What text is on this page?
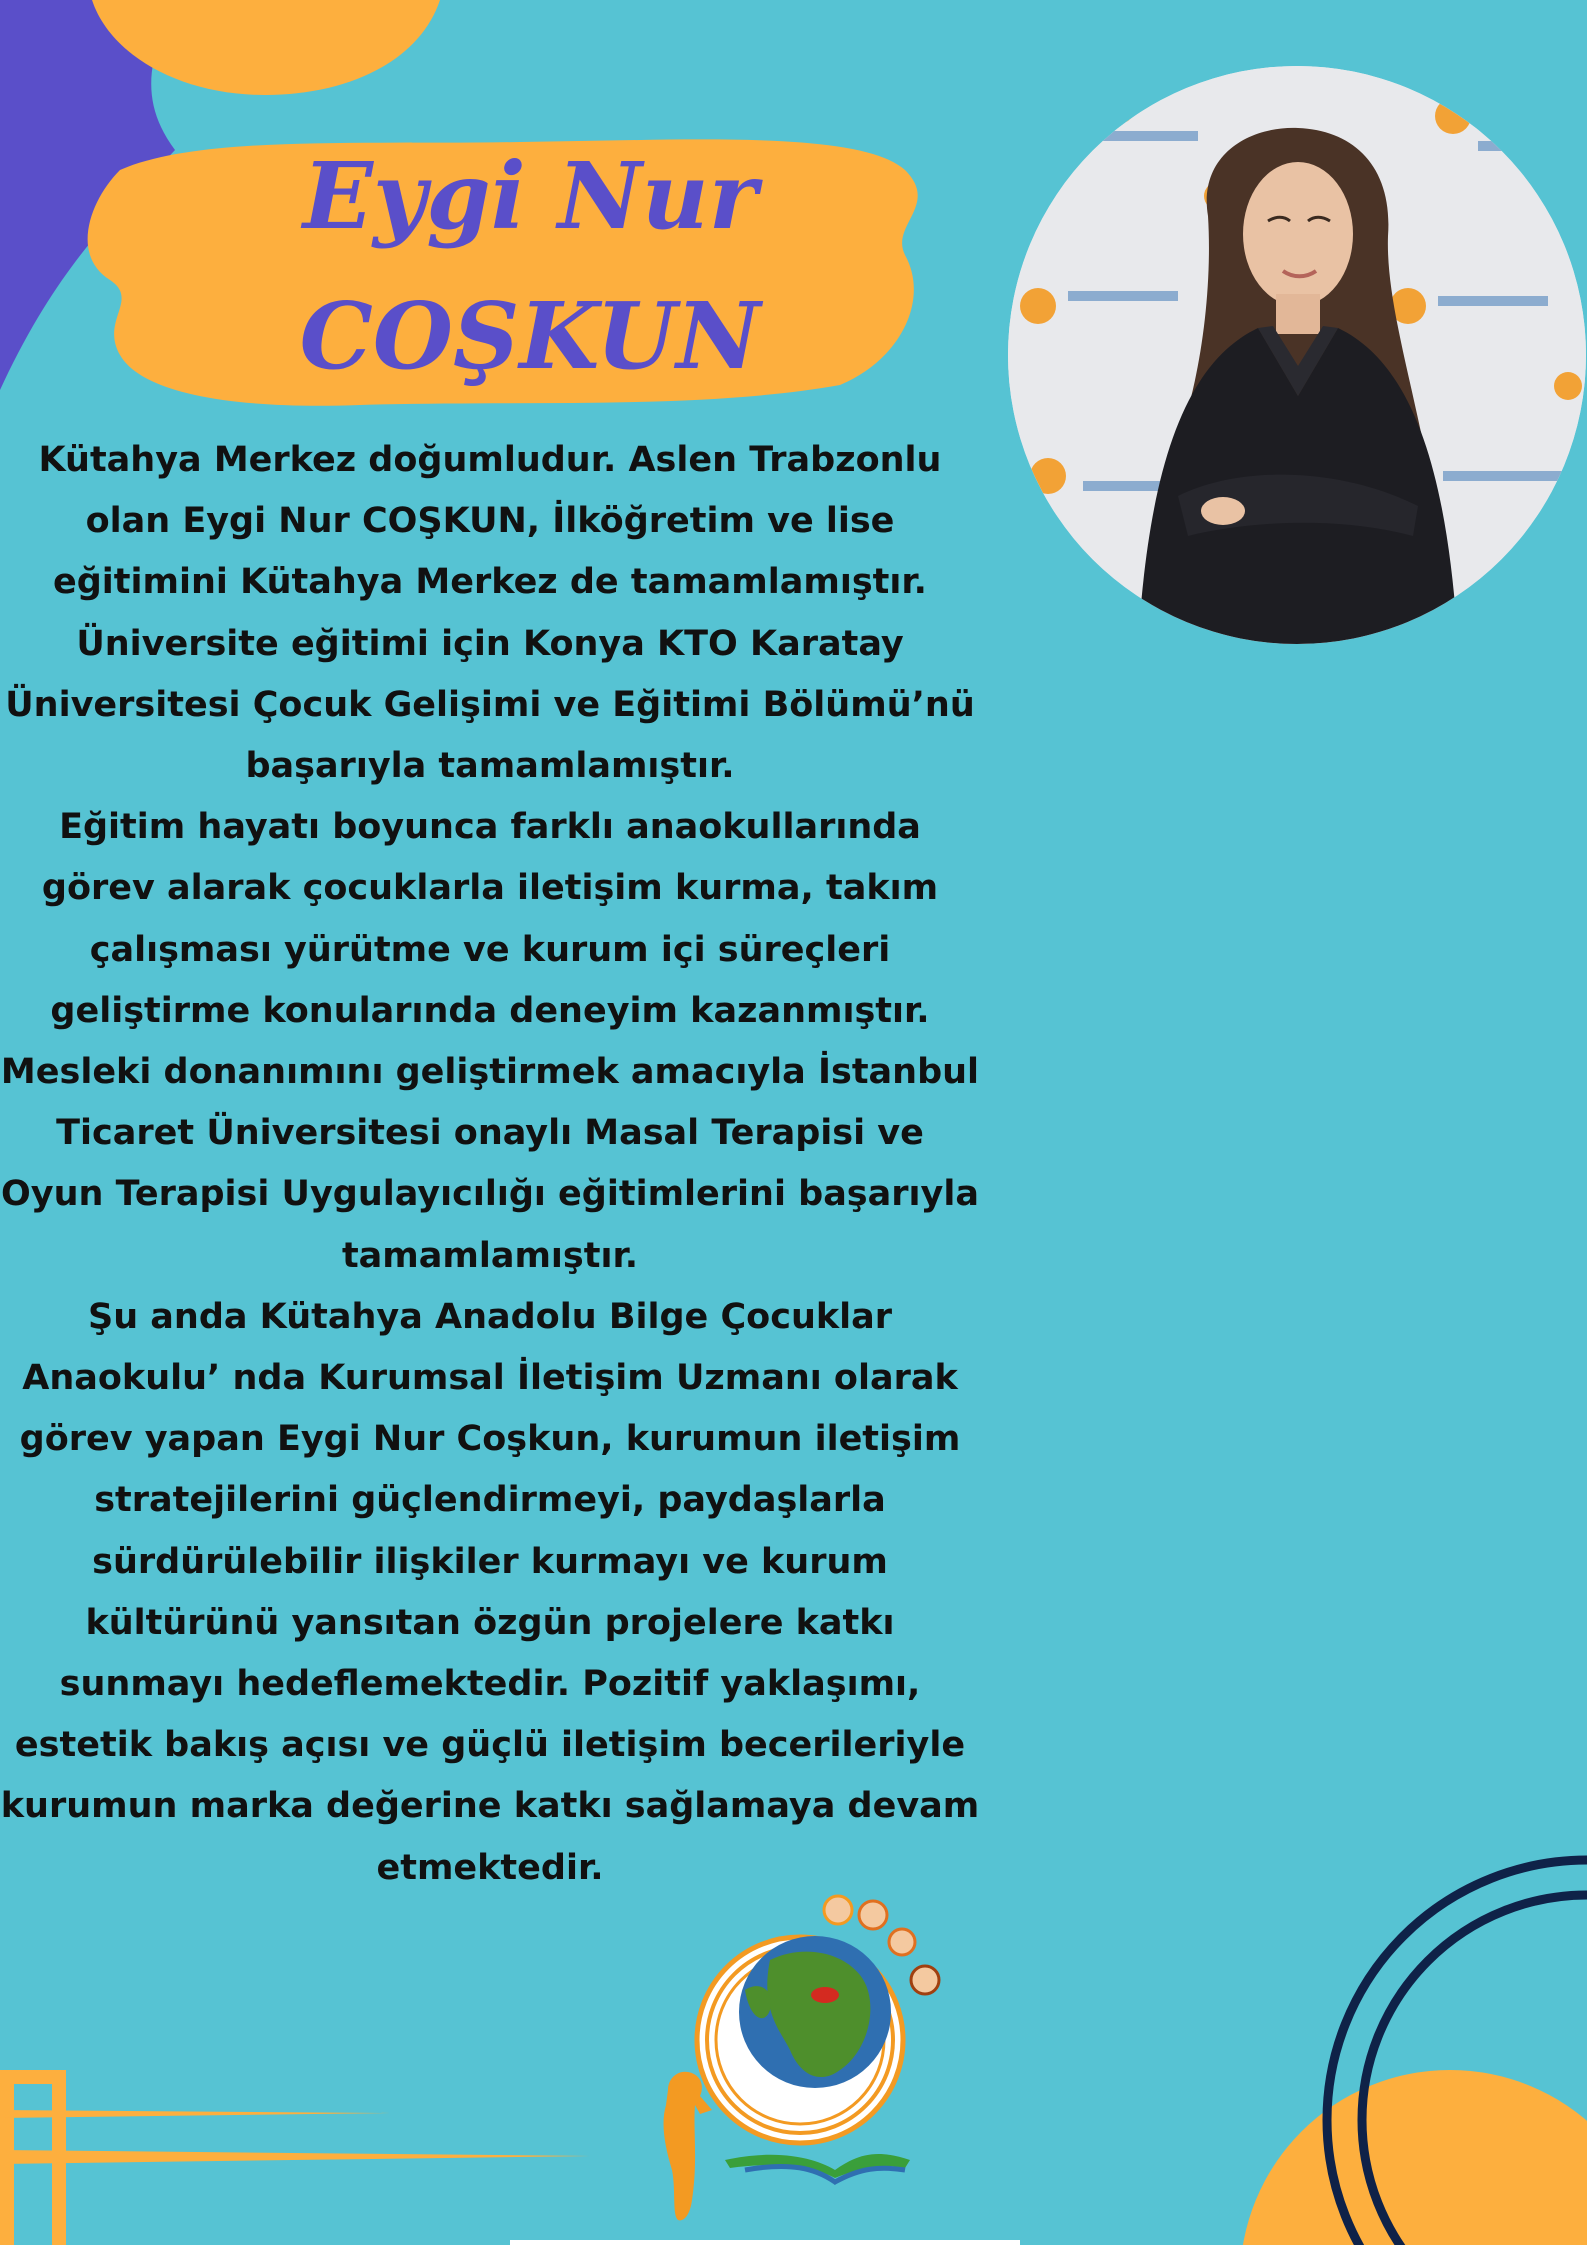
Eygi Nur
COŞKUN

Kütahya Merkez doğumludur. Aslen Trabzonlu olan Eygi Nur COŞKUN, İlköğretim ve lise eğitimini Kütahya Merkez de tamamlamıştır. Üniversite eğitimi için Konya KTO Karatay Üniversitesi Çocuk Gelişimi ve Eğitimi Bölümü’nü başarıyla tamamlamıştır.

Eğitim hayatı boyunca farklı anaokullarında görev alarak çocuklarla iletişim kurma, takım çalışması yürütme ve kurum içi süreçleri geliştirme konularında deneyim kazanmıştır. Mesleki donanımını geliştirmek amacıyla İstanbul Ticaret Üniversitesi onaylı Masal Terapisi ve Oyun Terapisi Uygulayıcılığı eğitimlerini başarıyla tamamlamıştır.

Şu anda Kütahya Anadolu Bilge Çocuklar Anaokulu’ nda Kurumsal İletişim Uzmanı olarak görev yapan Eygi Nur Coşkun, kurumun iletişim stratejilerini güçlendirmeyi, paydaşlarla sürdürülebilir ilişkiler kurmayı ve kurum kültürünü yansıtan özgün projelere katkı sunmayı hedeflemektedir. Pozitif yaklaşımı, estetik bakış açısı ve güçlü iletişim becerileriyle kurumun marka değerine katkı sağlamaya devam etmektedir.
